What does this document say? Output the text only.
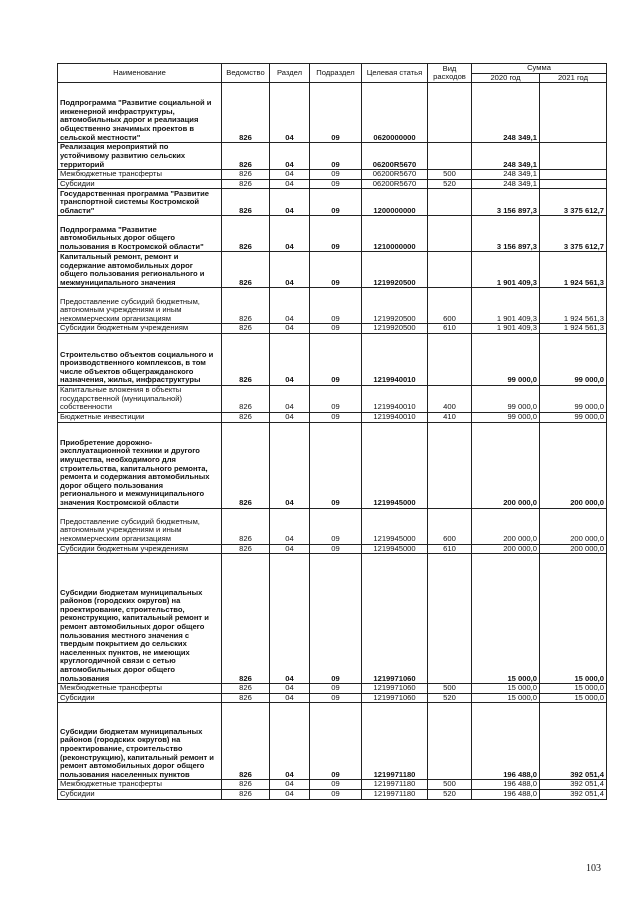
Наименование	Ведомство	Раздел	Подраздел	Целевая статья	Вид расходов	Сумма	
						2020 год	2021 год
Подпрограмма "Развитие социальной и инженерной инфраструктуры, автомобильных дорог и реализация общественно значимых проектов в сельской местности"	826	04	09	0620000000		248 349,1	
Реализация мероприятий по устойчивому развитию сельских территорий	826	04	09	06200R5670		248 349,1	
Межбюджетные трансферты	826	04	09	06200R5670	500	248 349,1	
Субсидии	826	04	09	06200R5670	520	248 349,1	
Государственная программа "Развитие транспортной системы Костромской области"	826	04	09	1200000000		3 156 897,3	3 375 612,7
Подпрограмма "Развитие автомобильных дорог общего пользования в Костромской области"	826	04	09	1210000000		3 156 897,3	3 375 612,7
Капитальный ремонт, ремонт и содержание автомобильных дорог общего пользования регионального и межмуниципального значения	826	04	09	1219920500		1 901 409,3	1 924 561,3
Предоставление субсидий бюджетным, автономным учреждениям и иным некоммерческим организациям	826	04	09	1219920500	600	1 901 409,3	1 924 561,3
Субсидии бюджетным учреждениям	826	04	09	1219920500	610	1 901 409,3	1 924 561,3
Строительство объектов социального и производственного комплексов, в том числе объектов общегражданского назначения, жилья, инфраструктуры	826	04	09	1219940010		99 000,0	99 000,0
Капитальные вложения в объекты государственной (муниципальной) собственности	826	04	09	1219940010	400	99 000,0	99 000,0
Бюджетные инвестиции	826	04	09	1219940010	410	99 000,0	99 000,0
Приобретение дорожно-эксплуатационной техники и другого имущества, необходимого для строительства, капитального ремонта, ремонта и содержания автомобильных дорог общего пользования регионального и межмуниципального значения Костромской области	826	04	09	1219945000		200 000,0	200 000,0
Предоставление субсидий бюджетным, автономным учреждениям и иным некоммерческим организациям	826	04	09	1219945000	600	200 000,0	200 000,0
Субсидии бюджетным учреждениям	826	04	09	1219945000	610	200 000,0	200 000,0
Субсидии бюджетам муниципальных районов (городских округов) на проектирование, строительство, реконструкцию, капитальный ремонт и ремонт автомобильных дорог общего пользования местного значения с твердым покрытием до сельских населенных пунктов, не имеющих круглогодичной связи с сетью автомобильных дорог общего пользования	826	04	09	1219971060		15 000,0	15 000,0
Межбюджетные трансферты	826	04	09	1219971060	500	15 000,0	15 000,0
Субсидии	826	04	09	1219971060	520	15 000,0	15 000,0
Субсидии бюджетам муниципальных районов (городских округов) на проектирование, строительство (реконструкцию), капитальный ремонт и ремонт автомобильных дорог общего пользования населенных пунктов	826	04	09	1219971180		196 488,0	392 051,4
Межбюджетные трансферты	826	04	09	1219971180	500	196 488,0	392 051,4
Субсидии	826	04	09	1219971180	520	196 488,0	392 051,4
103
